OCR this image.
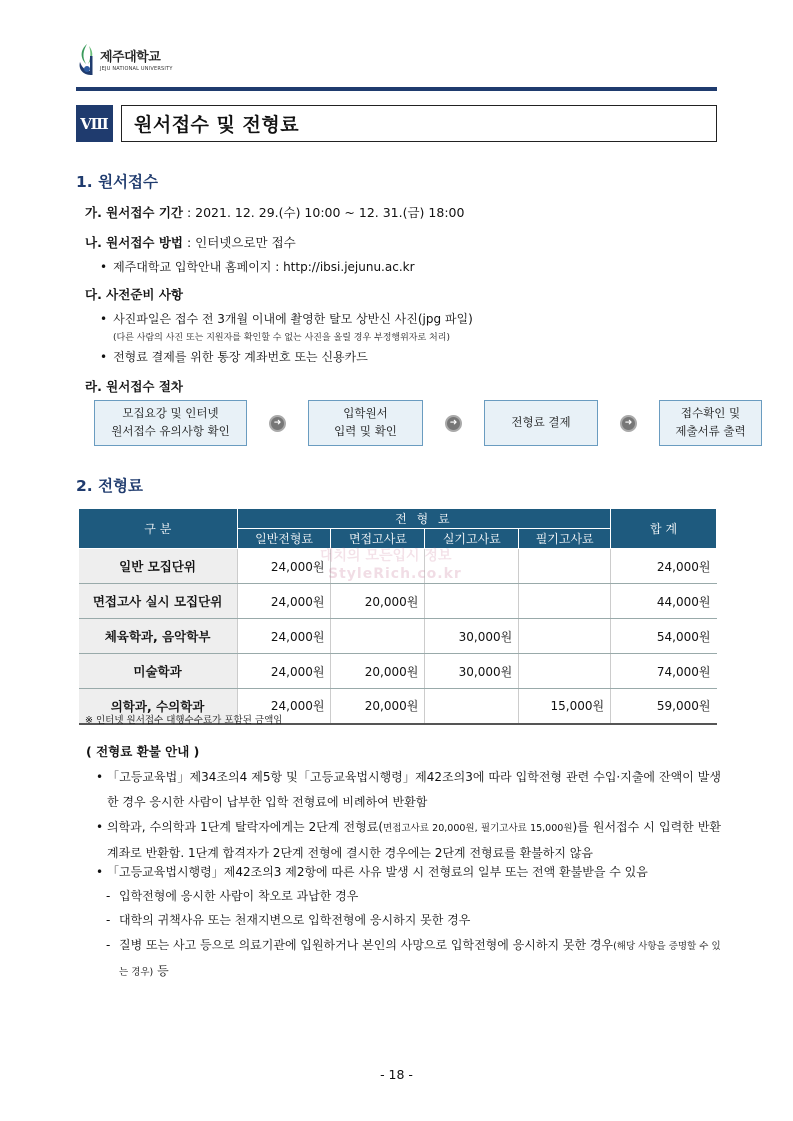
제주대학교
JEJU NATIONAL UNIVERSITY
Ⅷ	원서접수 및 전형료
1. 원서접수
가. 원서접수 기간 : 2021. 12. 29.(수) 10:00 ~ 12. 31.(금) 18:00
나. 원서접수 방법 : 인터넷으로만 접수
• 제주대학교 입학안내 홈페이지 : http://ibsi.jejunu.ac.kr
다. 사전준비 사항
• 사진파일은 접수 전 3개월 이내에 촬영한 탈모 상반신 사진(jpg 파일)
(다른 사람의 사진 또는 지원자를 확인할 수 없는 사진을 올릴 경우 부정행위자로 처리)
• 전형료 결제를 위한 통장 계좌번호 또는 신용카드
라. 원서접수 절차
모집요강 및 인터넷
원서접수 유의사항 확인
➜
입학원서
입력 및 확인
➜	전형료 결제	➜
접수확인 및
제출서류 출력
2. 전형료
구 분	전 형 료				합 계
	일반전형료	면접고사료	실기고사료	필기고사료	
일반 모집단위	24,000원				24,000원
면접고사 실시 모집단위	24,000원	20,000원			44,000원
체육학과, 음악학부	24,000원		30,000원		54,000원
미술학과	24,000원	20,000원	30,000원		74,000원
의학과, 수의학과	24,000원	20,000원		15,000원	59,000원
대치의 모든입시 정보
StyleRich.co.kr
※ 인터넷 원서접수 대행수수료가 포함된 금액임
( 전형료 환불 안내 )
• 「고등교육법」제34조의4 제5항 및「고등교육법시행령」제42조의3에 따라 입학전형 관련 수입·지출에 잔액이 발생한 경우 응시한 사람이 납부한 입학 전형료에 비례하여 반환함
• 의학과, 수의학과 1단계 탈락자에게는 2단계 전형료(면접고사료 20,000원, 필기고사료 15,000원)를 원서접수 시 입력한 반환계좌로 반환함. 1단계 합격자가 2단계 전형에 결시한 경우에는 2단계 전형료를 환불하지 않음
• 「고등교육법시행령」제42조의3 제2항에 따른 사유 발생 시 전형료의 일부 또는 전액 환불받을 수 있음
- 입학전형에 응시한 사람이 착오로 과납한 경우
- 대학의 귀책사유 또는 천재지변으로 입학전형에 응시하지 못한 경우
- 질병 또는 사고 등으로 의료기관에 입원하거나 본인의 사망으로 입학전형에 응시하지 못한 경우(해당 사항을 증명할 수 있는 경우) 등
- 18 -
